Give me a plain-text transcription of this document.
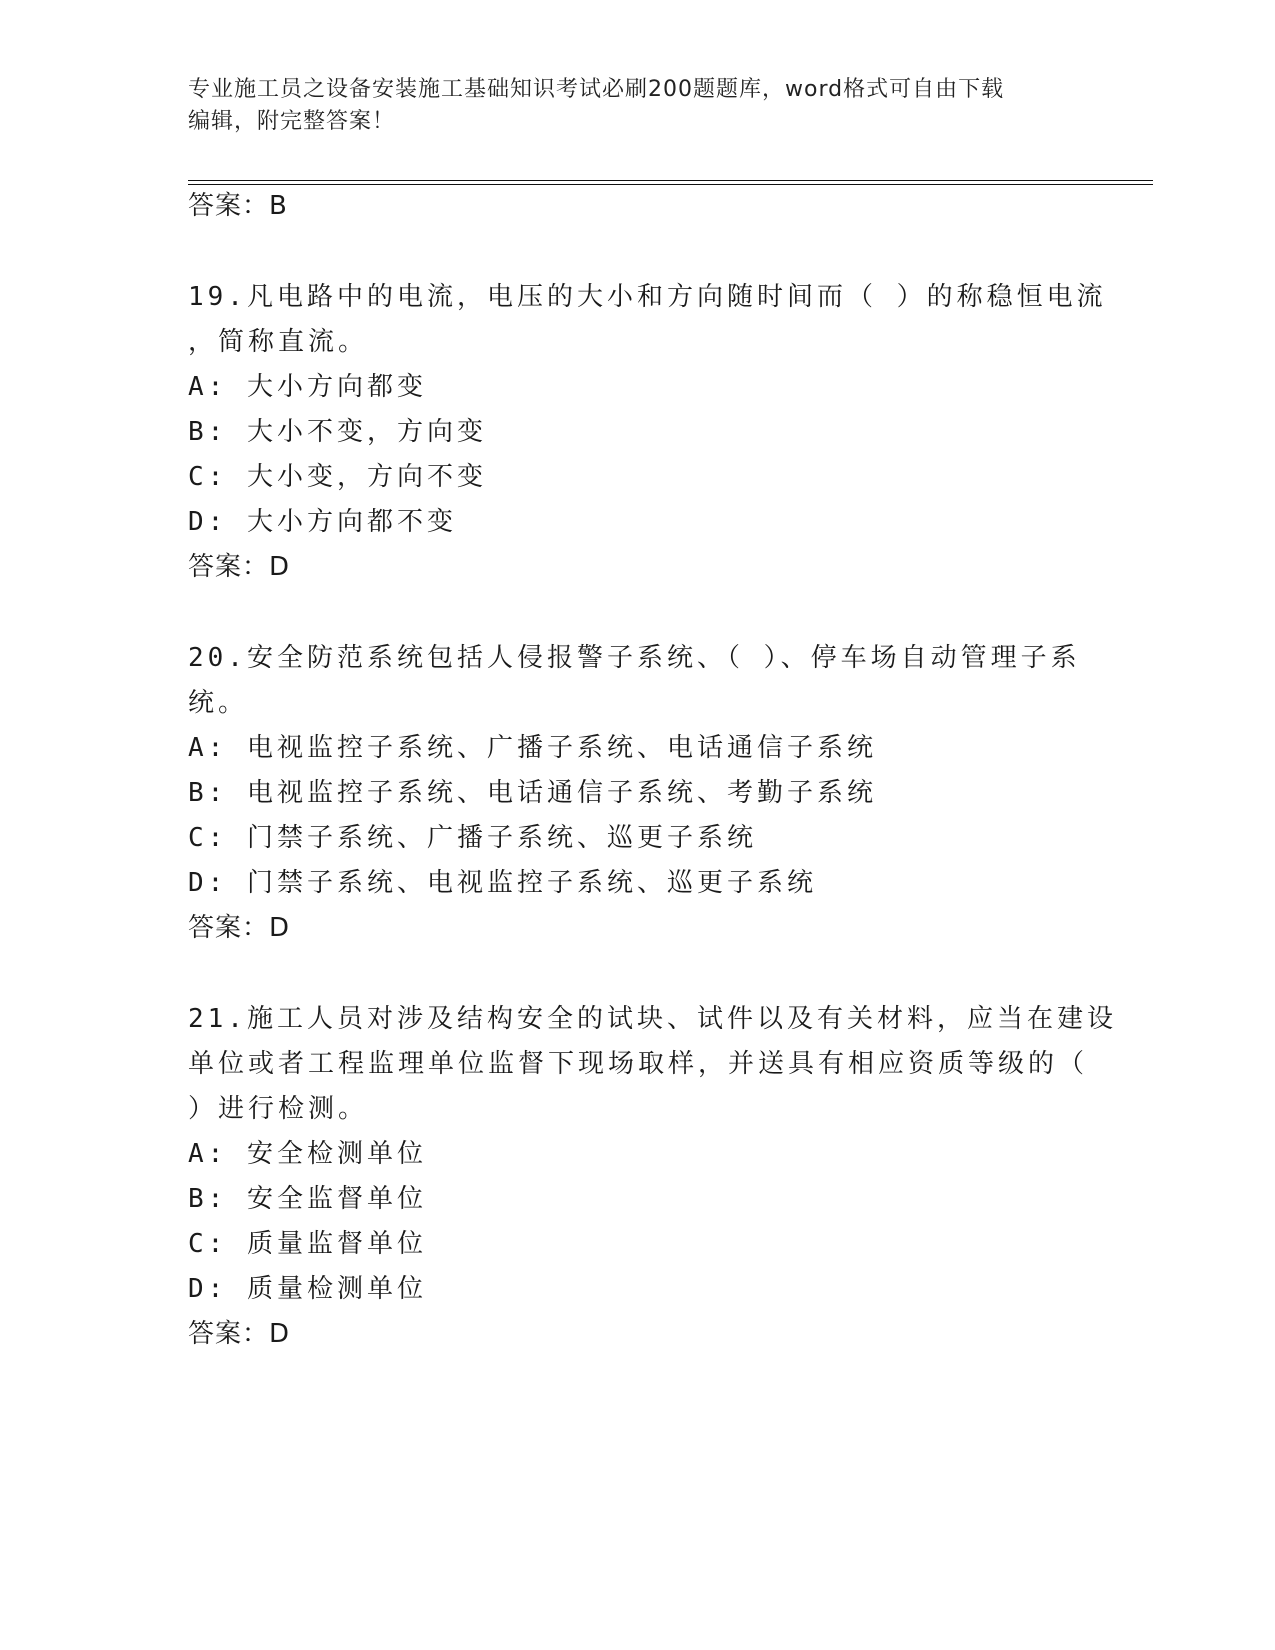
专业施工员之设备安装施工基础知识考试必刷200题题库，word格式可自由下载
编辑，附完整答案！
答案：B
19.凡电路中的电流，电压的大小和方向随时间而（ ）的称稳恒电流
，简称直流。
A: 大小方向都变
B: 大小不变，方向变
C: 大小变，方向不变
D: 大小方向都不变
答案：D
20.安全防范系统包括人侵报警子系统、（ ）、停车场自动管理子系
统。
A: 电视监控子系统、广播子系统、电话通信子系统
B: 电视监控子系统、电话通信子系统、考勤子系统
C: 门禁子系统、广播子系统、巡更子系统
D: 门禁子系统、电视监控子系统、巡更子系统
答案：D
21.施工人员对涉及结构安全的试块、试件以及有关材料，应当在建设
单位或者工程监理单位监督下现场取样，并送具有相应资质等级的（
）进行检测。
A: 安全检测单位
B: 安全监督单位
C: 质量监督单位
D: 质量检测单位
答案：D
